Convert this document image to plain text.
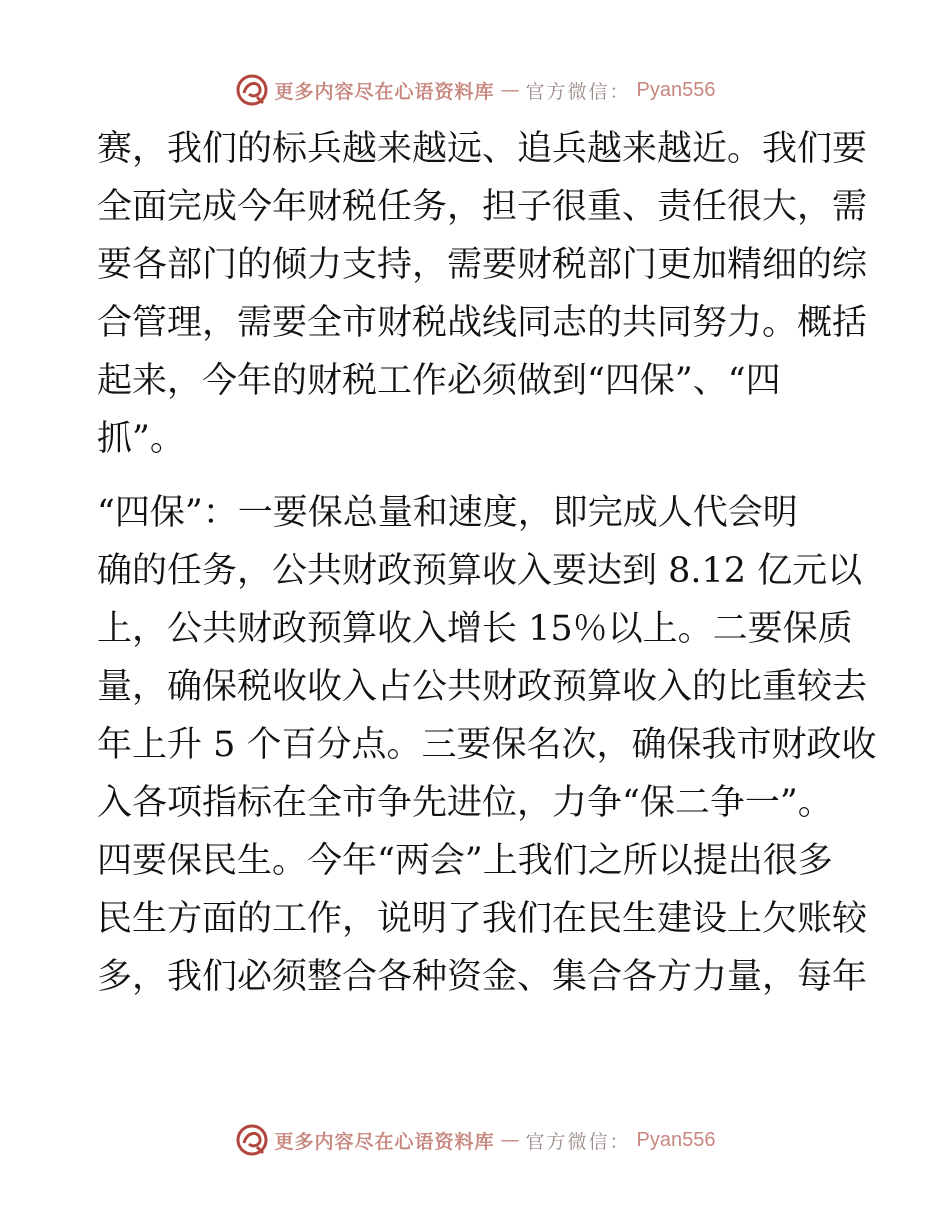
更多内容尽在心语资料库 — 官方微信： Pyan556
赛，我们的标兵越来越远、追兵越来越近。我们要
全面完成今年财税任务，担子很重、责任很大，需
要各部门的倾力支持，需要财税部门更加精细的综
合管理，需要全市财税战线同志的共同努力。概括
起来，今年的财税工作必须做到“四保”、“四
抓”。
“四保”：一要保总量和速度，即完成人代会明
确的任务，公共财政预算收入要达到 8.12 亿元以
上，公共财政预算收入增长 15％以上。二要保质
量，确保税收收入占公共财政预算收入的比重较去
年上升 5 个百分点。三要保名次，确保我市财政收
入各项指标在全市争先进位，力争“保二争一”。
四要保民生。今年“两会”上我们之所以提出很多
民生方面的工作，说明了我们在民生建设上欠账较
多，我们必须整合各种资金、集合各方力量，每年
更多内容尽在心语资料库 — 官方微信： Pyan556
